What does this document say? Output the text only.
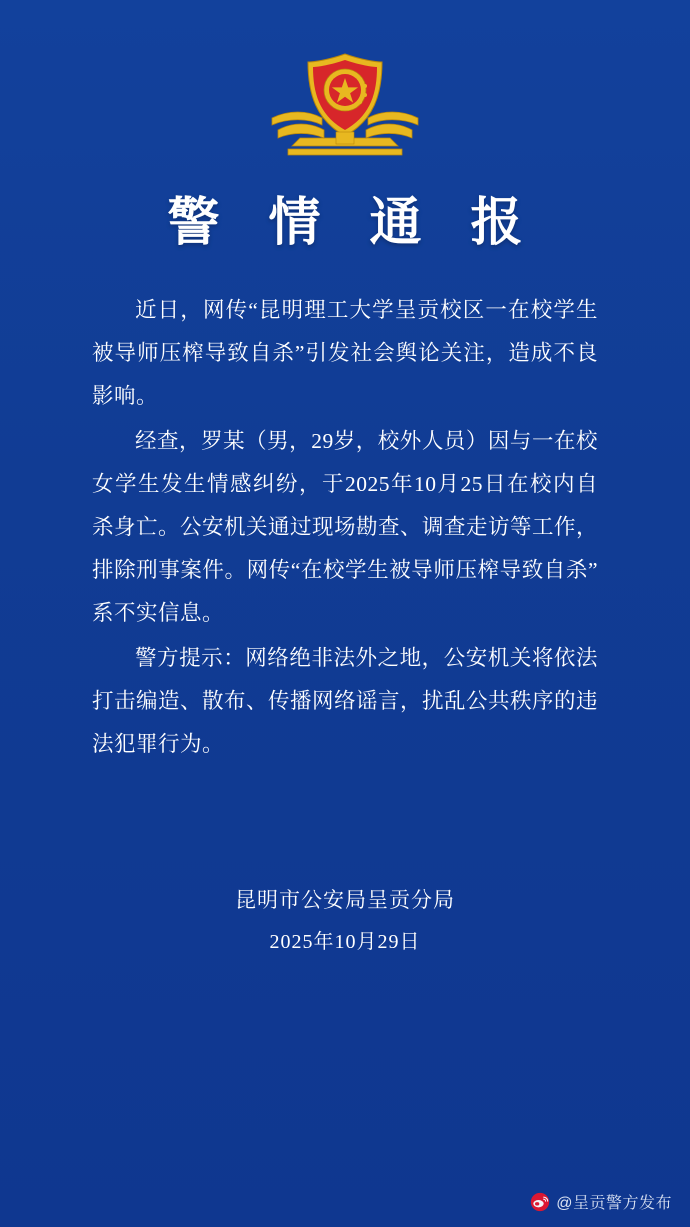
警 情 通 报

近日，网传“昆明理工大学呈贡校区一在校学生被导师压榨导致自杀”引发社会舆论关注，造成不良影响。

经查，罗某（男，29岁，校外人员）因与一在校女学生发生情感纠纷，于2025年10月25日在校内自杀身亡。公安机关通过现场勘查、调查走访等工作，排除刑事案件。网传“在校学生被导师压榨导致自杀”系不实信息。

警方提示：网络绝非法外之地，公安机关将依法打击编造、散布、传播网络谣言，扰乱公共秩序的违法犯罪行为。

昆明市公安局呈贡分局
2025年10月29日
@呈贡警方发布
